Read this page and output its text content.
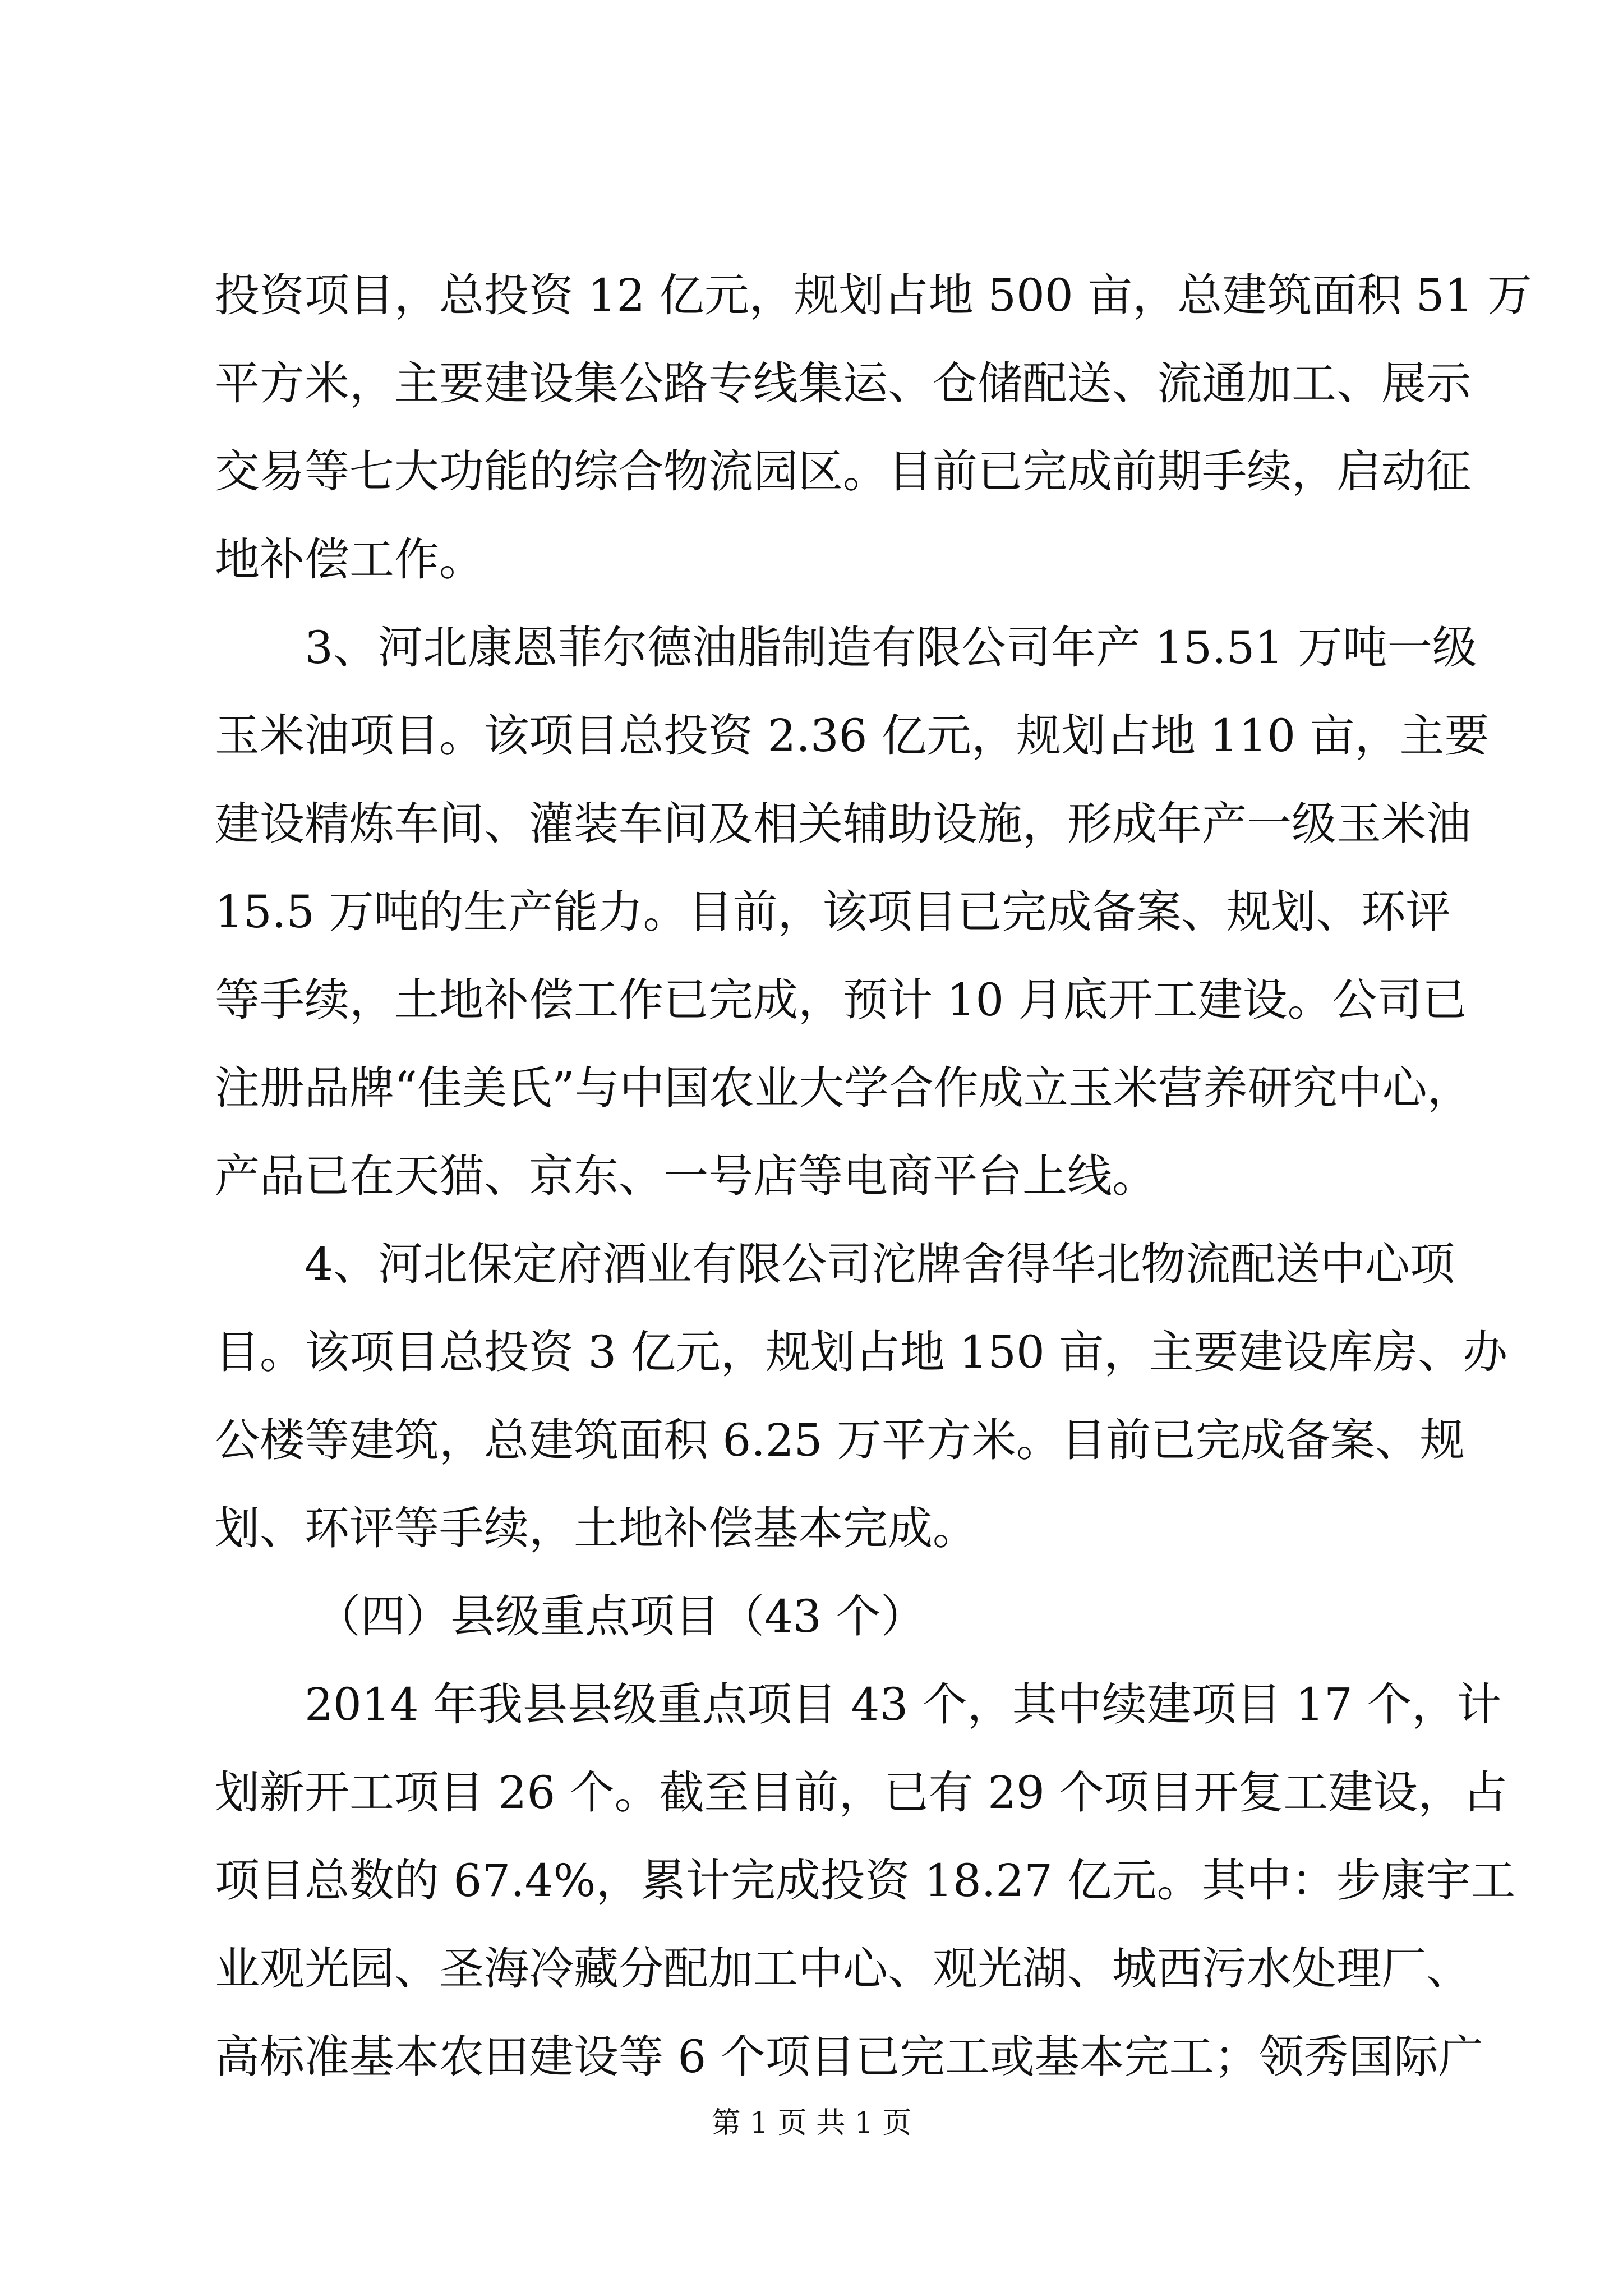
投资项目，总投资 12 亿元，规划占地 500 亩，总建筑面积 51 万
平方米，主要建设集公路专线集运、仓储配送、流通加工、展示
交易等七大功能的综合物流园区。目前已完成前期手续，启动征
地补偿工作。
3、河北康恩菲尔德油脂制造有限公司年产 15.51 万吨一级
玉米油项目。该项目总投资 2.36 亿元，规划占地 110 亩，主要
建设精炼车间、灌装车间及相关辅助设施，形成年产一级玉米油
15.5 万吨的生产能力。目前，该项目已完成备案、规划、环评
等手续，土地补偿工作已完成，预计 10 月底开工建设。公司已
注册品牌“佳美氏”与中国农业大学合作成立玉米营养研究中心，
产品已在天猫、京东、一号店等电商平台上线。
4、河北保定府酒业有限公司沱牌舍得华北物流配送中心项
目。该项目总投资 3 亿元，规划占地 150 亩，主要建设库房、办
公楼等建筑，总建筑面积 6.25 万平方米。目前已完成备案、规
划、环评等手续，土地补偿基本完成。
（四）县级重点项目（43 个）
2014 年我县县级重点项目 43 个，其中续建项目 17 个，计
划新开工项目 26 个。截至目前，已有 29 个项目开复工建设，占
项目总数的 67.4%，累计完成投资 18.27 亿元。其中：步康宇工
业观光园、圣海冷藏分配加工中心、观光湖、城西污水处理厂、
高标准基本农田建设等 6 个项目已完工或基本完工；领秀国际广
第 1 页 共 1 页
